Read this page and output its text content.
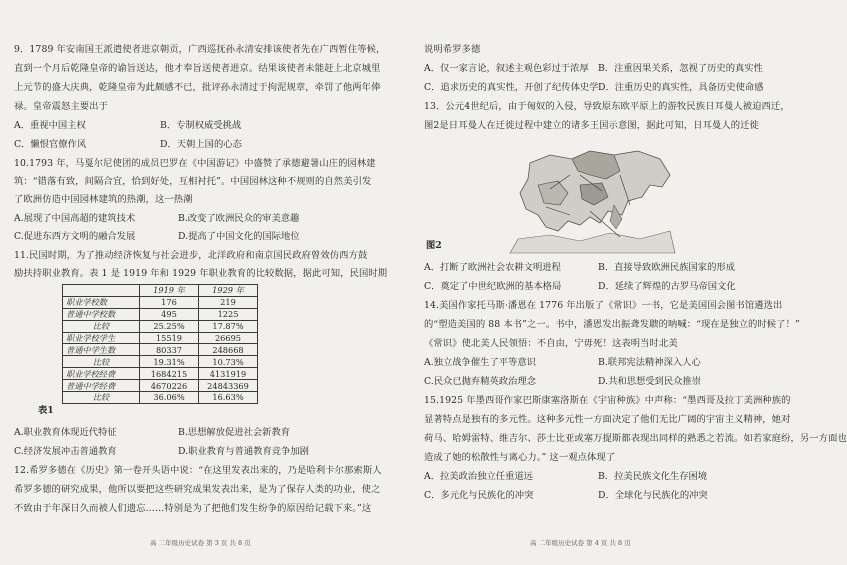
9．1789 年安南国王派遣使者进京朝贡，广西巡抚孙永清安排该使者先在广西暂住等候，
直到一个月后乾隆皇帝的谕旨送达，他才奉旨送使者进京。结果该使者未能赶上北京城里
上元节的盛大庆典，乾隆皇帝为此颇感不已，批评孙永清过于拘泥规章，牵罚了他两年俸
禄。皇帝震怒主要出于
A．重视中国主权	B．专制权威受挑战
C．懒恨官僚作风	D．天朝上国的心态
10.1793 年，马戛尔尼使团的成员巴罗在《中国游记》中盛赞了承德避暑山庄的园林建
筑：“错落有致，间隔合宜，恰到好处，互相衬托”。中国园林这种不规则的自然美引发
了欧洲仿造中国园林建筑的热潮，这一热潮
A.展现了中国高超的建筑技术	B.改变了欧洲民众的审美意趣
C.促进东西方文明的融合发展	D.提高了中国文化的国际地位
11.民国时期，为了推动经济恢复与社会进步，北洋政府和南京国民政府曾效仿西方鼓
励扶持职业教育。表 1 是 1919 年和 1929 年职业教育的比较数据，据此可知，民国时期
	1919 年	1929 年
职业学校数	176	219
普通中学校数	495	1225
比较	25.25%	17.87%
职业学校学生	15519	26695
普通中学生数	80337	248668
比较	19.31%	10.73%
职业学校经费	1684215	4131919
普通中学经费	4670226	24843369
比较	36.06%	16.63%
表1
A.职业教育体现近代特征	B.思想解放促进社会新教育
C.经济发展冲击普通教育	D.职业教育与普通教育竞争加剧
12.希罗多德在《历史》第一卷开头语中说：“在这里发表出来的，乃是哈利卡尔那索斯人
希罗多德的研究成果，他所以要把这些研究成果发表出来，是为了保存人类的功业，使之
不致由于年深日久而被人们遗忘……特别是为了把他们发生纷争的原因给记载下来。”这
高 二年级历史试卷 第 3 页 共 8 页
说明希罗多德
A．仅一家言论，叙述主观色彩过于浓厚 B．注重因果关系，忽视了历史的真实性
C．追求历史的真实性，开创了纪传体史学 D．注重历史的真实性，具备历史使命感
13．公元4世纪后，由于匈奴的入侵，导致原东欧平原上的游牧民族日耳曼人被迫西迁，
图2是日耳曼人在迁徙过程中建立的诸多王国示意图，据此可知，日耳曼人的迁徙
图2
A．打断了欧洲社会农耕文明进程	B．直接导致欧洲民族国家的形成
C．奠定了中世纪欧洲的基本格局	D．延续了辉煌的古罗马帝国文化
14.美国作家托马斯·潘恩在 1776 年出版了《常识》一书，它是美国国会图书馆遴选出
的“塑造美国的 88 本书”之一。书中，潘恩发出振聋发聩的呐喊：“现在是独立的时候了！”
《常识》使北美人民领悟：不自由，宁毋死！这表明当时北美
A.独立战争催生了平等意识	B.联邦宪法精神深入人心
C.民众已抛弃精英政治理念	D.共和思想受到民众推崇
15.1925 年墨西哥作家巴斯康塞洛斯在《宇宙种族》中声称：“墨西哥及拉丁美洲种族的
显著特点是独有的多元性。这种多元性一方面决定了他们无比广阔的宇宙主义精神，她对
荷马、哈姆雷特、维吉尔、莎士比亚或塞万提斯都表现出同样的熟悉之若流。如若家庭纷，另一方面也
造成了她的松散性与离心力。” 这一观点体现了
A．拉美政治独立任重道远	B．拉美民族文化生存困境
C．多元化与民族化的冲突	D．全球化与民族化的冲突
高 二年级历史试卷 第 4 页 共 8 页
